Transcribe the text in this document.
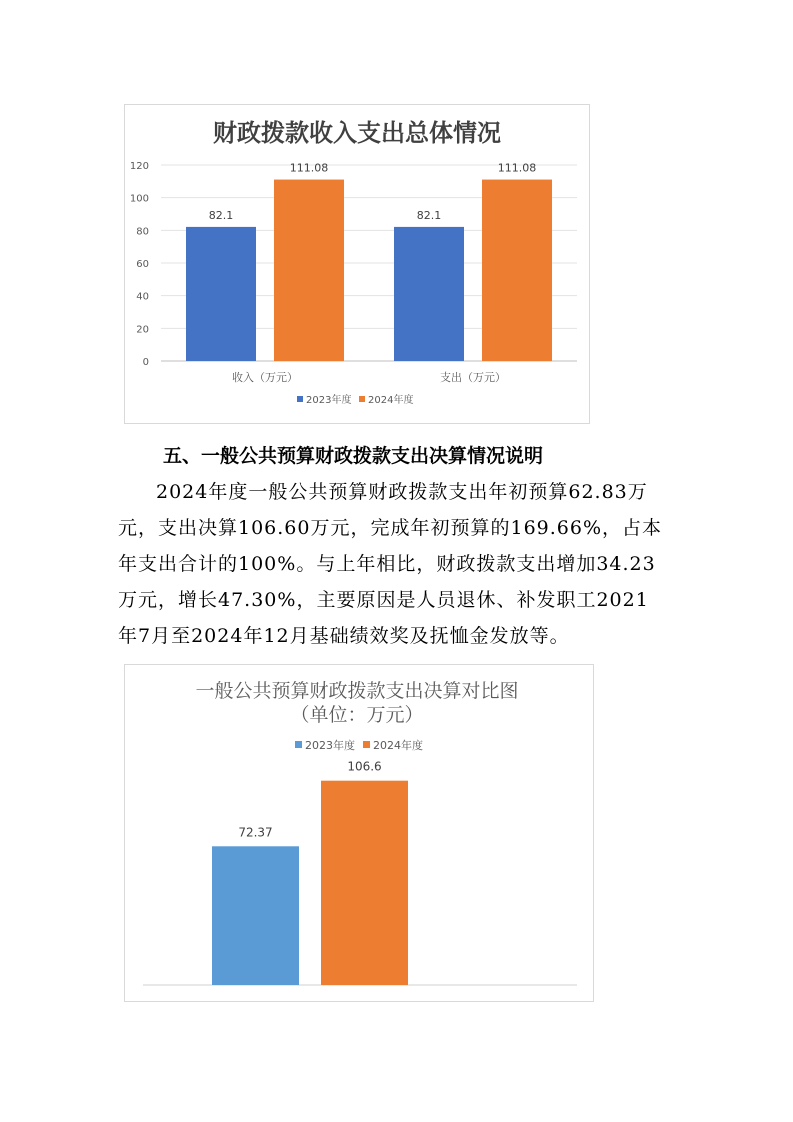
财政拨款收入支出总体情况
0
20
40
60
80
100
120
82.1
111.08
收入（万元）
82.1
111.08
支出（万元）
2023年度 2024年度
五、一般公共预算财政拨款支出决算情况说明
2024年度一般公共预算财政拨款支出年初预算62.83万
元，支出决算106.60万元，完成年初预算的169.66%，占本
年支出合计的100%。与上年相比，财政拨款支出增加34.23
万元，增长47.30%，主要原因是人员退休、补发职工2021
年7月至2024年12月基础绩效奖及抚恤金发放等。
一般公共预算财政拨款支出决算对比图
（单位：万元）
72.37
106.6
2023年度 2024年度
